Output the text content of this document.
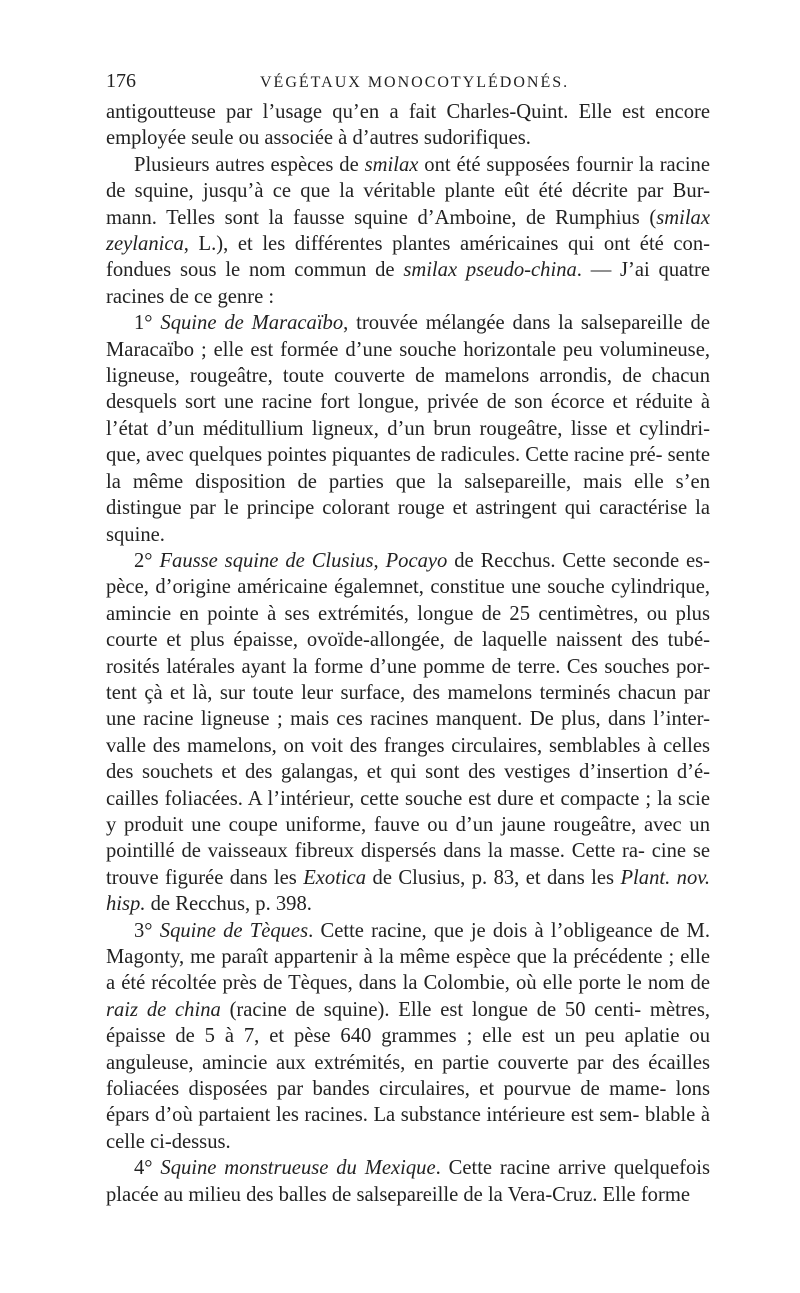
176	VÉGÉTAUX MONOCOTYLÉDONÉS.

antigoutteuse par l’usage qu’en a fait Charles-Quint. Elle est encore employée seule ou associée à d’autres sudorifiques.

Plusieurs autres espèces de smilax ont été supposées fournir la racine de squine, jusqu’à ce que la véritable plante eût été décrite par Bur- mann. Telles sont la fausse squine d’Amboine, de Rumphius (smilax zeylanica, L.), et les différentes plantes américaines qui ont été con- fondues sous le nom commun de smilax pseudo-china. — J’ai quatre racines de ce genre :

1° Squine de Maracaïbo, trouvée mélangée dans la salsepareille de Maracaïbo ; elle est formée d’une souche horizontale peu volumineuse, ligneuse, rougeâtre, toute couverte de mamelons arrondis, de chacun desquels sort une racine fort longue, privée de son écorce et réduite à l’état d’un méditullium ligneux, d’un brun rougeâtre, lisse et cylindri- que, avec quelques pointes piquantes de radicules. Cette racine pré- sente la même disposition de parties que la salsepareille, mais elle s’en distingue par le principe colorant rouge et astringent qui caractérise la squine.

2° Fausse squine de Clusius, Pocayo de Recchus. Cette seconde es- pèce, d’origine américaine égalemnet, constitue une souche cylindrique, amincie en pointe à ses extrémités, longue de 25 centimètres, ou plus courte et plus épaisse, ovoïde-allongée, de laquelle naissent des tubé- rosités latérales ayant la forme d’une pomme de terre. Ces souches por- tent çà et là, sur toute leur surface, des mamelons terminés chacun par une racine ligneuse ; mais ces racines manquent. De plus, dans l’inter- valle des mamelons, on voit des franges circulaires, semblables à celles des souchets et des galangas, et qui sont des vestiges d’insertion d’é- cailles foliacées. A l’intérieur, cette souche est dure et compacte ; la scie y produit une coupe uniforme, fauve ou d’un jaune rougeâtre, avec un pointillé de vaisseaux fibreux dispersés dans la masse. Cette ra- cine se trouve figurée dans les Exotica de Clusius, p. 83, et dans les Plant. nov. hisp. de Recchus, p. 398.

3° Squine de Tèques. Cette racine, que je dois à l’obligeance de M. Magonty, me paraît appartenir à la même espèce que la précédente ; elle a été récoltée près de Tèques, dans la Colombie, où elle porte le nom de raiz de china (racine de squine). Elle est longue de 50 centi- mètres, épaisse de 5 à 7, et pèse 640 grammes ; elle est un peu aplatie ou anguleuse, amincie aux extrémités, en partie couverte par des écailles foliacées disposées par bandes circulaires, et pourvue de mame- lons épars d’où partaient les racines. La substance intérieure est sem- blable à celle ci-dessus.

4° Squine monstrueuse du Mexique. Cette racine arrive quelquefois placée au milieu des balles de salsepareille de la Vera-Cruz. Elle forme
